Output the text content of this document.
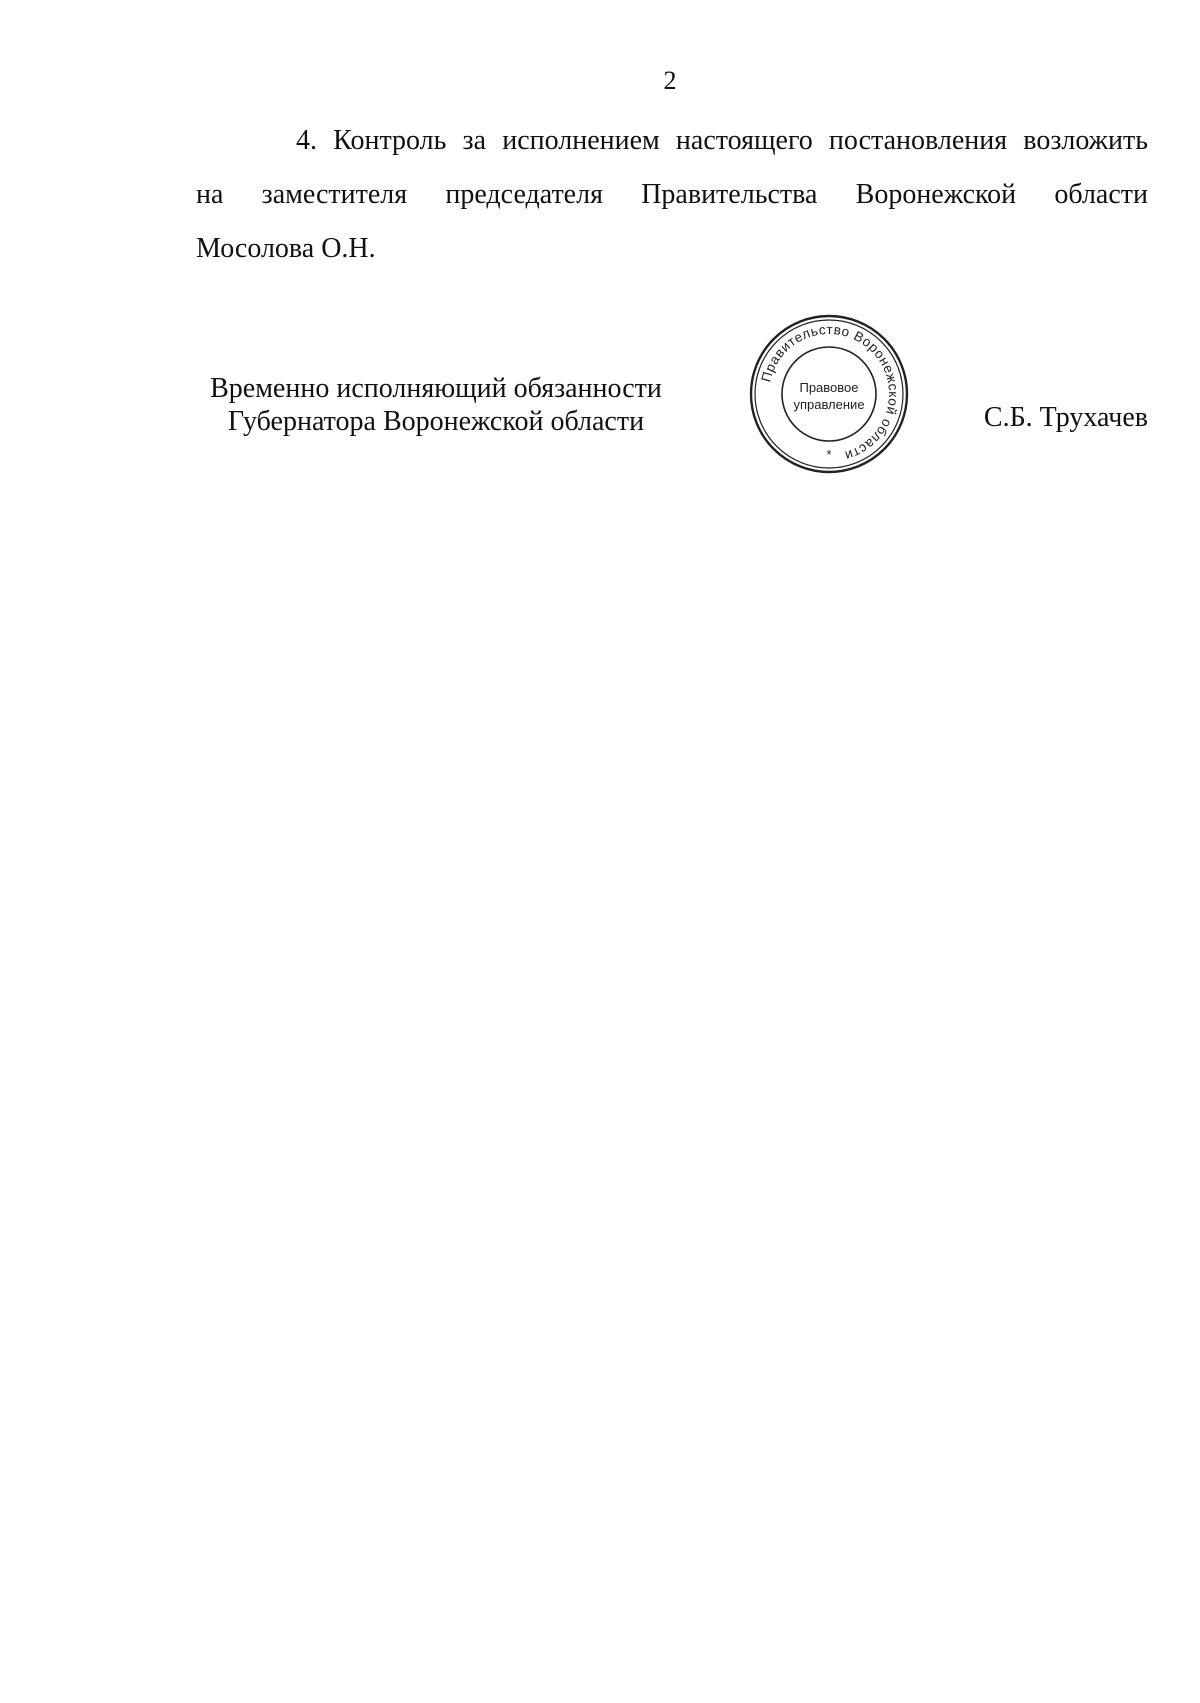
2
4. Контроль за исполнением настоящего постановления возложить
на заместителя председателя Правительства Воронежской области
Мосолова О.Н.
Временно исполняющий обязанности
Губернатора Воронежской области
Правительство Воронежской области
Правовое
управление
*
С.Б. Трухачев
